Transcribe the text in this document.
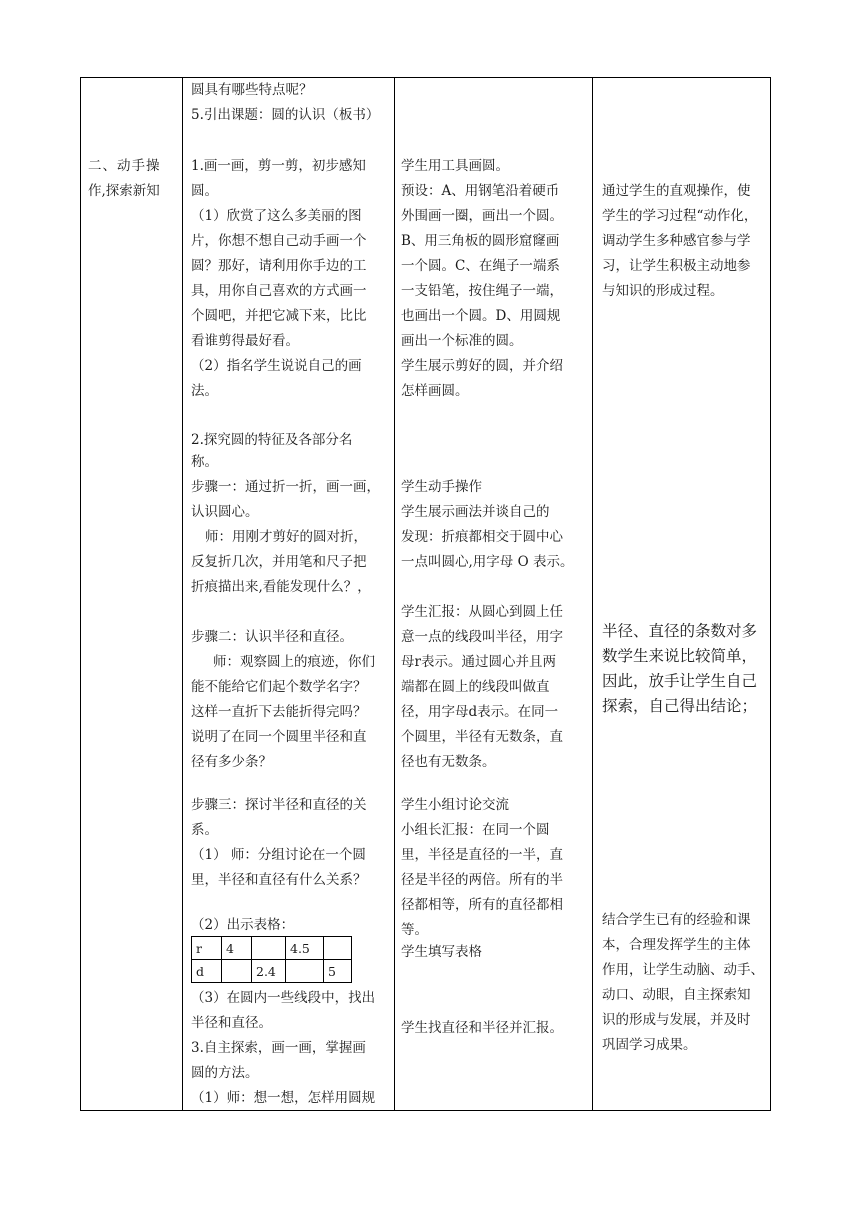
二、动手操
作,探索新知

圆具有哪些特点呢？
5.引出课题：圆的认识（板书）
1.画一画，剪一剪，初步感知
圆。
（1）欣赏了这么多美丽的图
片，你想不想自己动手画一个
圆？那好，请利用你手边的工
具，用你自己喜欢的方式画一
个圆吧，并把它减下来，比比
看谁剪得最好看。
（2）指名学生说说自己的画
法。
2.探究圆的特征及各部分名
称。
步骤一：通过折一折，画一画，
认识圆心。
师：用刚才剪好的圆对折，
反复折几次，并用笔和尺子把
折痕描出来,看能发现什么？，
步骤二：认识半径和直径。
师：观察圆上的痕迹，你们
能不能给它们起个数学名字？
这样一直折下去能折得完吗？
说明了在同一个圆里半径和直
径有多少条？
步骤三：探讨半径和直径的关
系。
（1） 师：分组讨论在一个圆
里，半径和直径有什么关系？
（2）出示表格：
r	4		4.5	
d		2.4		5
（3）在圆内一些线段中，找出
半径和直径。
3.自主探索，画一画，掌握画
圆的方法。
（1）师：想一想，怎样用圆规

学生用工具画圆。
预设：A、用钢笔沿着硬币
外围画一圈，画出一个圆。
B、用三角板的圆形窟窿画
一个圆。C、在绳子一端系
一支铅笔，按住绳子一端，
也画出一个圆。D、用圆规
画出一个标准的圆。
学生展示剪好的圆，并介绍
怎样画圆。
学生动手操作
学生展示画法并谈自己的
发现：折痕都相交于圆中心
一点叫圆心,用字母 O 表示。
学生汇报：从圆心到圆上任
意一点的线段叫半径，用字
母r表示。通过圆心并且两
端都在圆上的线段叫做直
径，用字母d表示。在同一
个圆里，半径有无数条，直
径也有无数条。
学生小组讨论交流
小组长汇报：在同一个圆
里，半径是直径的一半，直
径是半径的两倍。所有的半
径都相等，所有的直径都相
等。
学生填写表格
学生找直径和半径并汇报。

通过学生的直观操作，使
学生的学习过程“动作化，
调动学生多种感官参与学
习，让学生积极主动地参
与知识的形成过程。
半径、直径的条数对多
数学生来说比较简单，
因此，放手让学生自己
探索，自己得出结论；
结合学生已有的经验和课
本，合理发挥学生的主体
作用，让学生动脑、动手、
动口、动眼，自主探索知
识的形成与发展，并及时
巩固学习成果。
